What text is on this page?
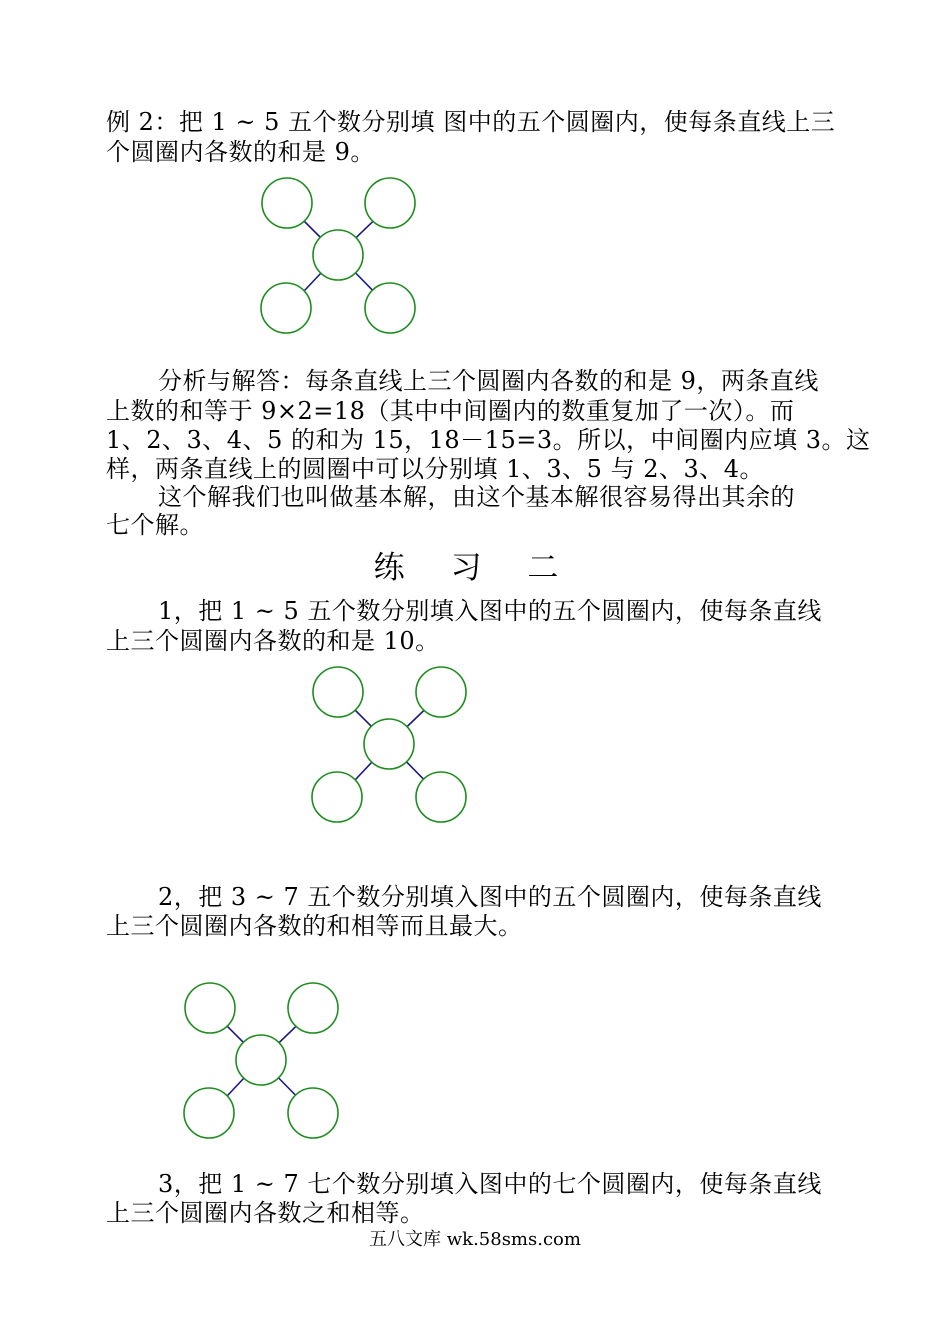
例 2：把 1 ~ 5 五个数分别填 图中的五个圆圈内，使每条直线上三
个圆圈内各数的和是 9。
分析与解答：每条直线上三个圆圈内各数的和是 9，两条直线
上数的和等于 9×2=18（其中中间圈内的数重复加了一次）。而
1、2、3、4、5 的和为 15，18－15=3。所以，中间圈内应填 3。这
样，两条直线上的圆圈中可以分别填 1、3、5 与 2、3、4。
这个解我们也叫做基本解，由这个基本解很容易得出其余的
七个解。
练 习 二
1，把 1 ~ 5 五个数分别填入图中的五个圆圈内，使每条直线
上三个圆圈内各数的和是 10。
2，把 3 ~ 7 五个数分别填入图中的五个圆圈内，使每条直线
上三个圆圈内各数的和相等而且最大。
3，把 1 ~ 7 七个数分别填入图中的七个圆圈内，使每条直线
上三个圆圈内各数之和相等。
五八文库 wk.58sms.com
